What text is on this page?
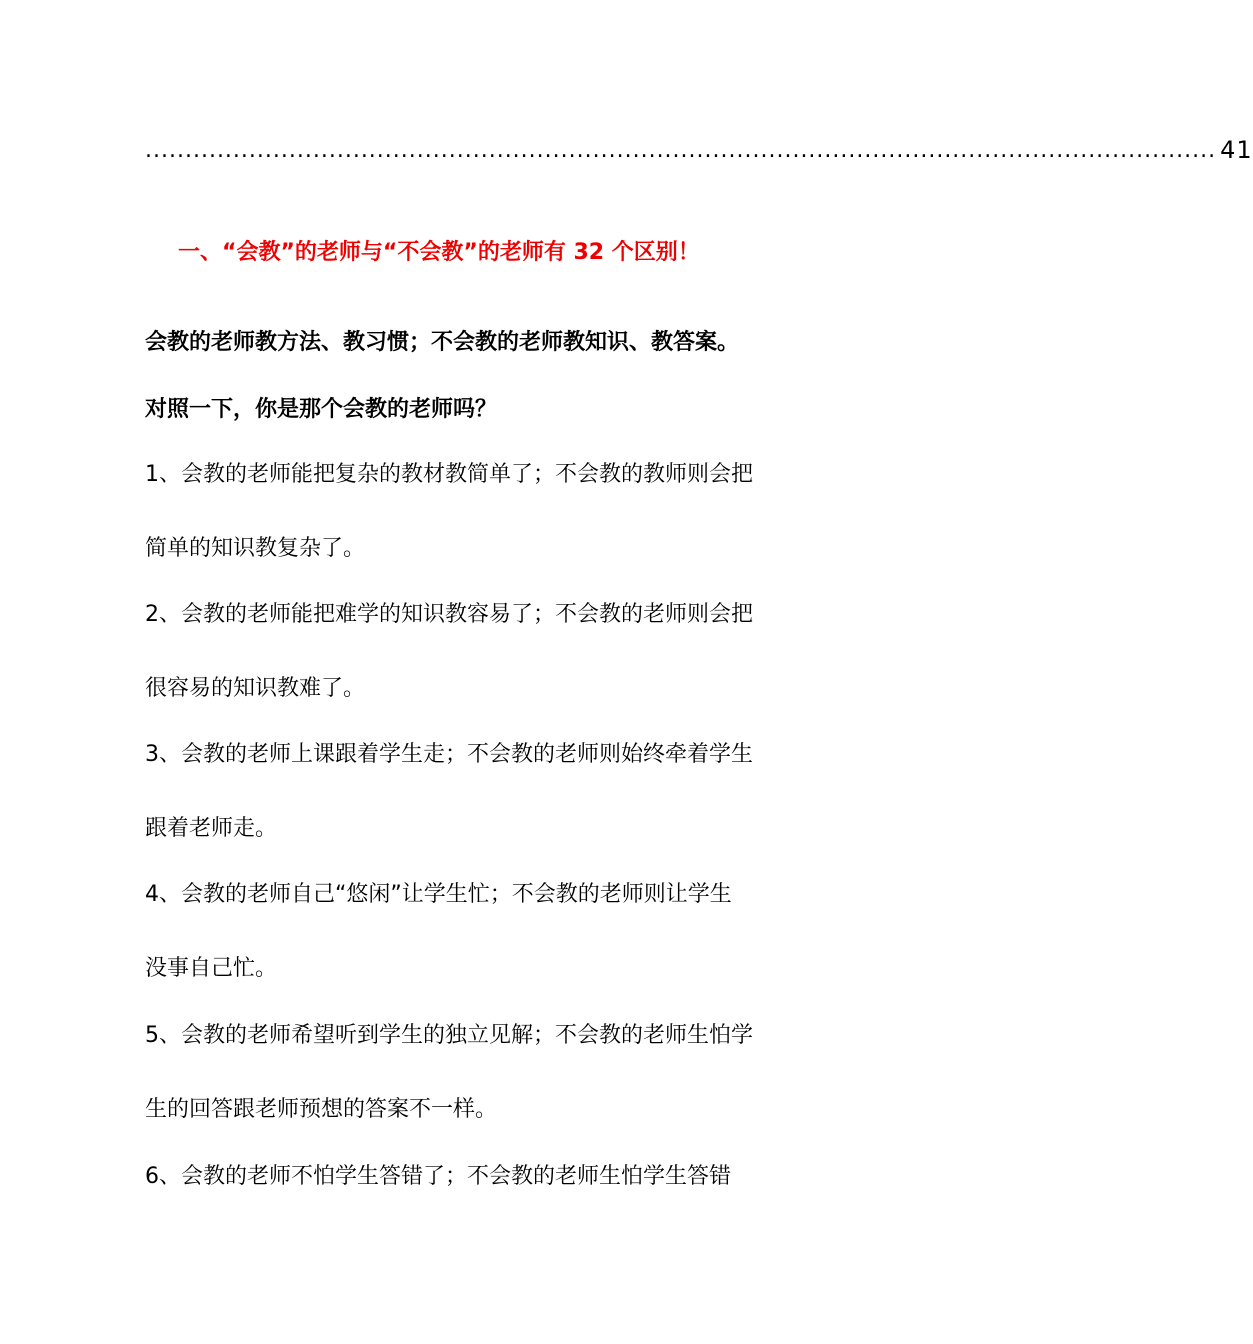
...................................................................................................................................... 41
一、“会教”的老师与“不会教”的老师有 32 个区别！
会教的老师教方法、教习惯；不会教的老师教知识、教答案。
对照一下，你是那个会教的老师吗？
1、会教的老师能把复杂的教材教简单了；不会教的教师则会把
简单的知识教复杂了。
2、会教的老师能把难学的知识教容易了；不会教的老师则会把
很容易的知识教难了。
3、会教的老师上课跟着学生走；不会教的老师则始终牵着学生
跟着老师走。
4、会教的老师自己“悠闲”让学生忙；不会教的老师则让学生
没事自己忙。
5、会教的老师希望听到学生的独立见解；不会教的老师生怕学
生的回答跟老师预想的答案不一样。
6、会教的老师不怕学生答错了；不会教的老师生怕学生答错
